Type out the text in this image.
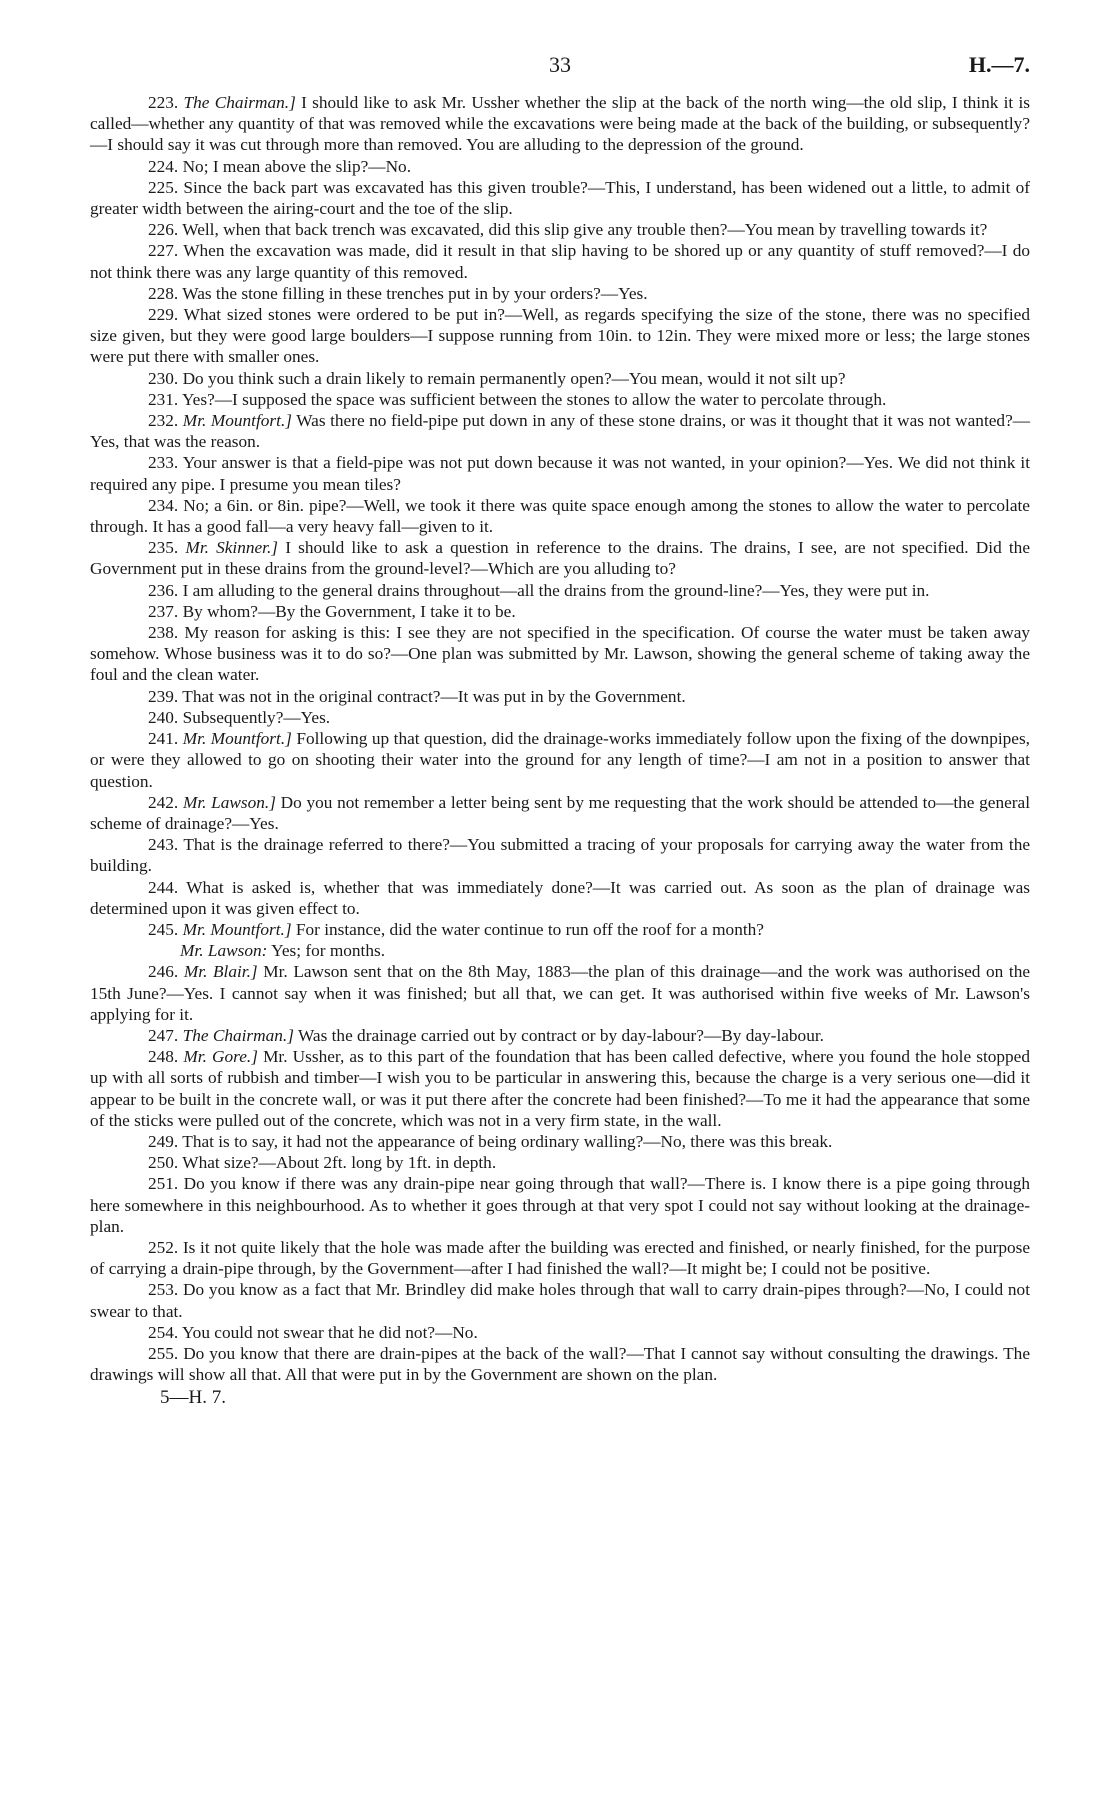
33	H.—7.

223. The Chairman.] I should like to ask Mr. Ussher whether the slip at the back of the north wing—the old slip, I think it is called—whether any quantity of that was removed while the excavations were being made at the back of the building, or subsequently?—I should say it was cut through more than removed. You are alluding to the depression of the ground.

224. No; I mean above the slip?—No.

225. Since the back part was excavated has this given trouble?—This, I understand, has been widened out a little, to admit of greater width between the airing-court and the toe of the slip.

226. Well, when that back trench was excavated, did this slip give any trouble then?—You mean by travelling towards it?

227. When the excavation was made, did it result in that slip having to be shored up or any quantity of stuff removed?—I do not think there was any large quantity of this removed.

228. Was the stone filling in these trenches put in by your orders?—Yes.

229. What sized stones were ordered to be put in?—Well, as regards specifying the size of the stone, there was no specified size given, but they were good large boulders—I suppose running from 10in. to 12in. They were mixed more or less; the large stones were put there with smaller ones.

230. Do you think such a drain likely to remain permanently open?—You mean, would it not silt up?

231. Yes?—I supposed the space was sufficient between the stones to allow the water to percolate through.

232. Mr. Mountfort.] Was there no field-pipe put down in any of these stone drains, or was it thought that it was not wanted?—Yes, that was the reason.

233. Your answer is that a field-pipe was not put down because it was not wanted, in your opinion?—Yes. We did not think it required any pipe. I presume you mean tiles?

234. No; a 6in. or 8in. pipe?—Well, we took it there was quite space enough among the stones to allow the water to percolate through. It has a good fall—a very heavy fall—given to it.

235. Mr. Skinner.] I should like to ask a question in reference to the drains. The drains, I see, are not specified. Did the Government put in these drains from the ground-level?—Which are you alluding to?

236. I am alluding to the general drains throughout—all the drains from the ground-line?—Yes, they were put in.

237. By whom?—By the Government, I take it to be.

238. My reason for asking is this: I see they are not specified in the specification. Of course the water must be taken away somehow. Whose business was it to do so?—One plan was submitted by Mr. Lawson, showing the general scheme of taking away the foul and the clean water.

239. That was not in the original contract?—It was put in by the Government.

240. Subsequently?—Yes.

241. Mr. Mountfort.] Following up that question, did the drainage-works immediately follow upon the fixing of the downpipes, or were they allowed to go on shooting their water into the ground for any length of time?—I am not in a position to answer that question.

242. Mr. Lawson.] Do you not remember a letter being sent by me requesting that the work should be attended to—the general scheme of drainage?—Yes.

243. That is the drainage referred to there?—You submitted a tracing of your proposals for carrying away the water from the building.

244. What is asked is, whether that was immediately done?—It was carried out. As soon as the plan of drainage was determined upon it was given effect to.

245. Mr. Mountfort.] For instance, did the water continue to run off the roof for a month?

Mr. Lawson: Yes; for months.

246. Mr. Blair.] Mr. Lawson sent that on the 8th May, 1883—the plan of this drainage—and the work was authorised on the 15th June?—Yes. I cannot say when it was finished; but all that, we can get. It was authorised within five weeks of Mr. Lawson's applying for it.

247. The Chairman.] Was the drainage carried out by contract or by day-labour?—By day-labour.

248. Mr. Gore.] Mr. Ussher, as to this part of the foundation that has been called defective, where you found the hole stopped up with all sorts of rubbish and timber—I wish you to be particular in answering this, because the charge is a very serious one—did it appear to be built in the concrete wall, or was it put there after the concrete had been finished?—To me it had the appearance that some of the sticks were pulled out of the concrete, which was not in a very firm state, in the wall.

249. That is to say, it had not the appearance of being ordinary walling?—No, there was this break.

250. What size?—About 2ft. long by 1ft. in depth.

251. Do you know if there was any drain-pipe near going through that wall?—There is. I know there is a pipe going through here somewhere in this neighbourhood. As to whether it goes through at that very spot I could not say without looking at the drainage-plan.

252. Is it not quite likely that the hole was made after the building was erected and finished, or nearly finished, for the purpose of carrying a drain-pipe through, by the Government—after I had finished the wall?—It might be; I could not be positive.

253. Do you know as a fact that Mr. Brindley did make holes through that wall to carry drain-pipes through?—No, I could not swear to that.

254. You could not swear that he did not?—No.

255. Do you know that there are drain-pipes at the back of the wall?—That I cannot say without consulting the drawings. The drawings will show all that. All that were put in by the Government are shown on the plan.

5—H. 7.
